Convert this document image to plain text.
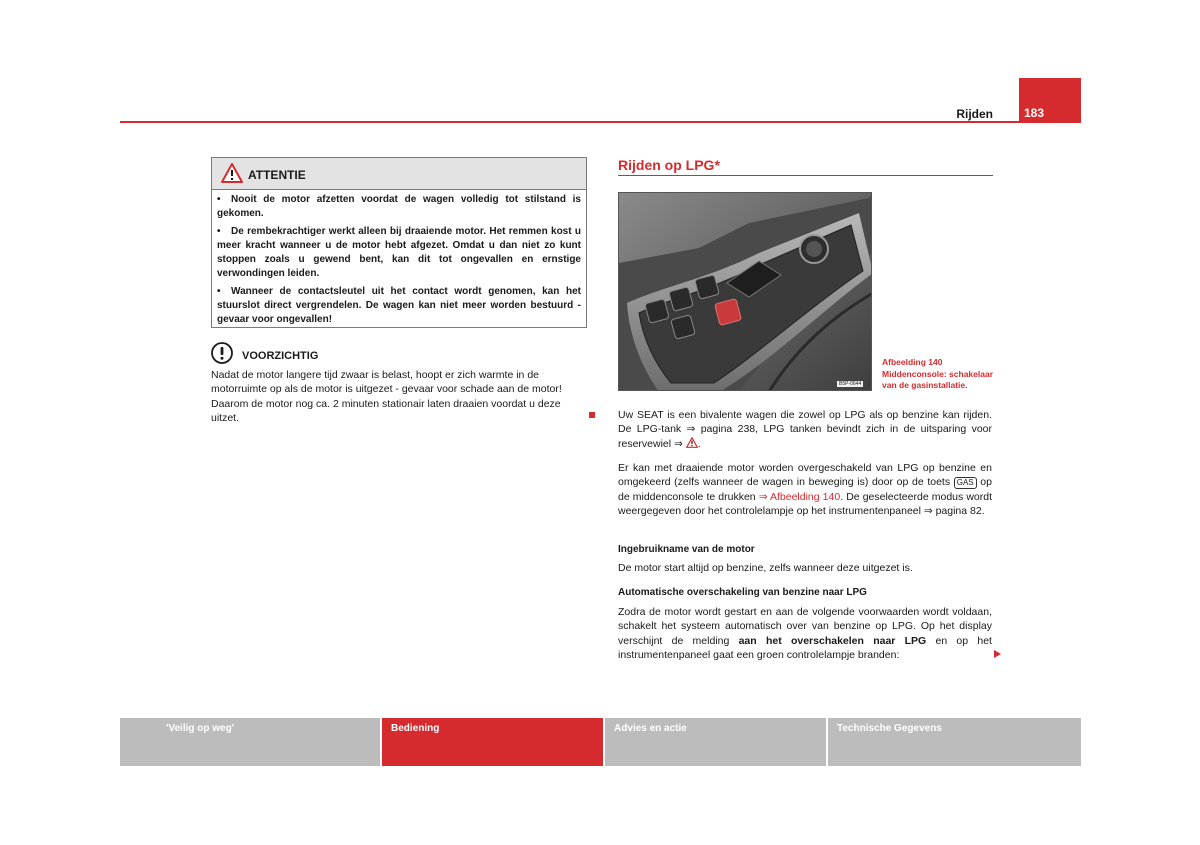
Rijden	183
ATTENTIE
• Nooit de motor afzetten voordat de wagen volledig tot stilstand is gekomen.
• De rembekrachtiger werkt alleen bij draaiende motor. Het remmen kost u meer kracht wanneer u de motor hebt afgezet. Omdat u dan niet zo kunt stoppen zoals u gewend bent, kan dit tot ongevallen en ernstige verwondingen leiden.
• Wanneer de contactsleutel uit het contact wordt genomen, kan het stuurslot direct vergrendelen. De wagen kan niet meer worden bestuurd - gevaar voor ongevallen!
VOORZICHTIG
Nadat de motor langere tijd zwaar is belast, hoopt er zich warmte in de motorruimte op als de motor is uitgezet - gevaar voor schade aan de motor! Daarom de motor nog ca. 2 minuten stationair laten draaien voordat u deze uitzet.
Rijden op LPG*
B5P-0644
Afbeelding 140 Middenconsole: schakelaar van de gasinstallatie.
Uw SEAT is een bivalente wagen die zowel op LPG als op benzine kan rijden. De LPG-tank ⇒ pagina 238, LPG tanken bevindt zich in de uitsparing voor reservewiel ⇒ .
Er kan met draaiende motor worden overgeschakeld van LPG op benzine en omgekeerd (zelfs wanneer de wagen in beweging is) door op de toets GAS op de middenconsole te drukken ⇒ Afbeelding 140. De geselecteerde modus wordt weergegeven door het controlelampje op het instrumentenpaneel ⇒ pagina 82.
Ingebruikname van de motor
De motor start altijd op benzine, zelfs wanneer deze uitgezet is.
Automatische overschakeling van benzine naar LPG
Zodra de motor wordt gestart en aan de volgende voorwaarden wordt voldaan, schakelt het systeem automatisch over van benzine op LPG. Op het display verschijnt de melding aan het overschakelen naar LPG en op het instrumentenpaneel gaat een groen controlelampje branden:
'Veilig op weg'	Bediening	Advies en actie	Technische Gegevens
